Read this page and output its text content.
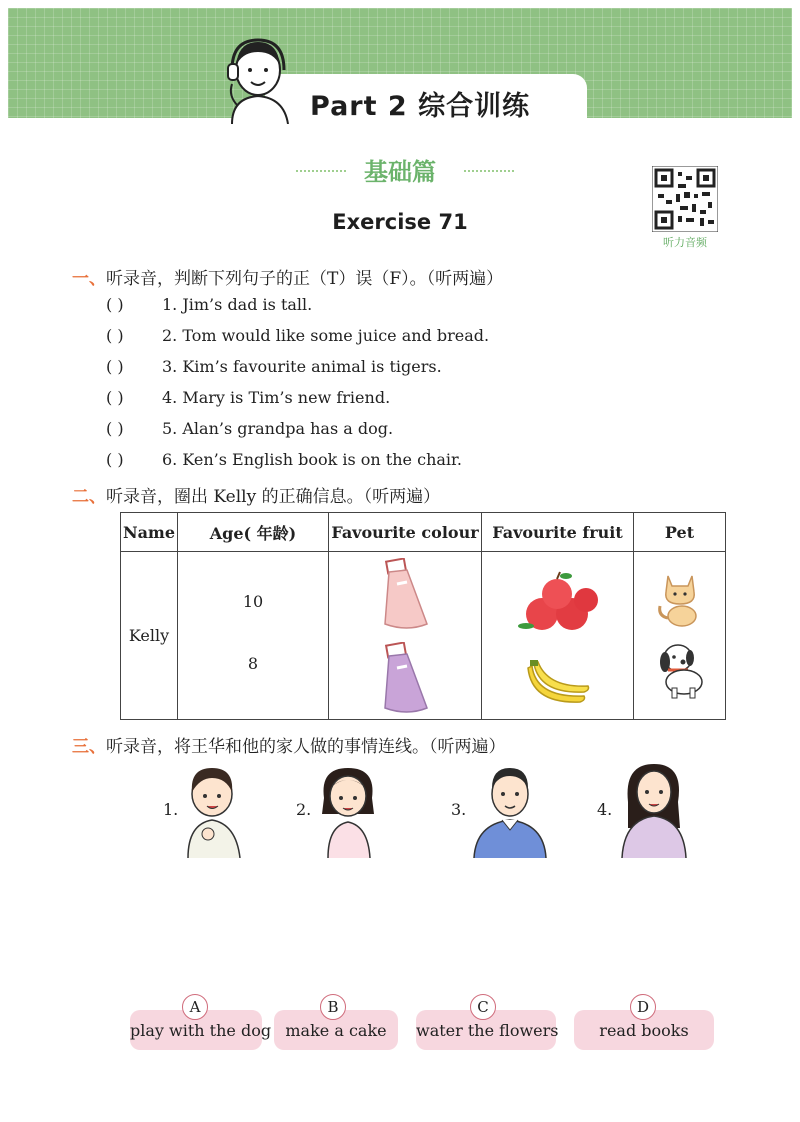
Part 2 综合训练
基础篇
听力音频
Exercise 71
一、听录音，判断下列句子的正（T）误（F）。（听两遍）
( ) 1. Jim’s dad is tall.
( ) 2. Tom would like some juice and bread.
( ) 3. Kim’s favourite animal is tigers.
( ) 4. Mary is Tim’s new friend.
( ) 5. Alan’s grandpa has a dog.
( ) 6. Ken’s English book is on the chair.
二、听录音，圈出 Kelly 的正确信息。（听两遍）
Name	Age( 年龄)	Favourite colour	Favourite fruit	Pet
Kelly	10
8

三、听录音，将王华和他的家人做的事情连线。（听两遍）
1.	2.	3.	4.
play with the dog
A
make a cake
B
water the flowers
C
read books
D
